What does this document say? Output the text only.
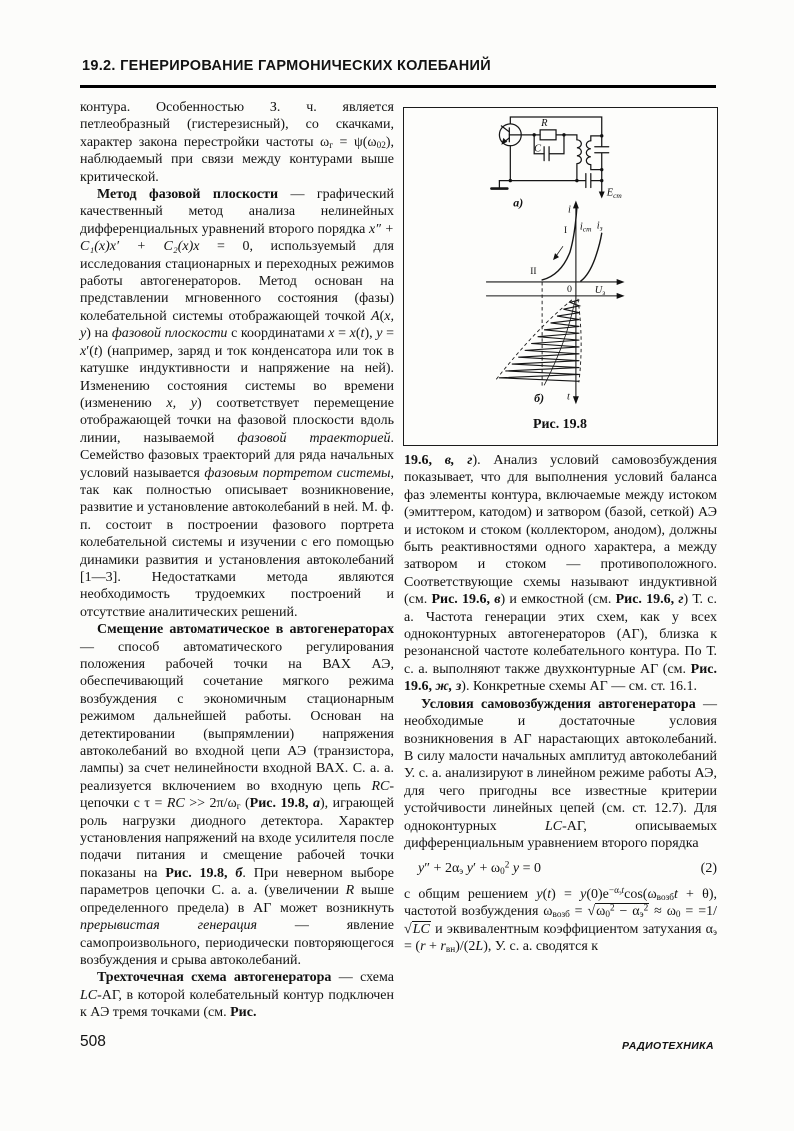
19.2. ГЕНЕРИРОВАНИЕ ГАРМОНИЧЕСКИХ КОЛЕБАНИЙ

контура. Особенностью З. ч. является петлеобразный (гистерезисный), со скачками, характер закона перестройки частоты ωг = ψ(ω02), наблюдаемый при связи между контурами выше критической.

Метод фазовой плоскости — графический качественный метод анализа нелинейных дифференциальных уравнений второго порядка x″ + C₁(x)x′ + C₂(x)x = 0, используемый для исследования стационарных и переходных режимов работы автогенераторов. Метод основан на представлении мгновенного состояния (фазы) колебательной системы отображающей точкой A(x, y) на фазовой плоскости с координатами x = x(t), y = x′(t) (например, заряд и ток конденсатора или ток в катушке индуктивности и напряжение на ней). Изменению состояния системы во времени (изменению x, y) соответствует перемещение отображающей точки на фазовой плоскости вдоль линии, называемой фазовой траекторией. Семейство фазовых траекторий для ряда начальных условий называется фазовым портретом системы, так как полностью описывает возникновение, развитие и установление автоколебаний в ней. М. ф. п. состоит в построении фазового портрета колебательной системы и изучении с его помощью динамики развития и установления автоколебаний [1—3]. Недостатками метода являются необходимость трудоемких построений и отсутствие аналитических решений.

Смещение автоматическое в автогенераторах — способ автоматического регулирования положения рабочей точки на ВАХ АЭ, обеспечивающий сочетание мягкого режима возбуждения с экономичным стационарным режимом дальнейшей работы. Основан на детектировании (выпрямлении) напряжения автоколебаний во входной цепи АЭ (транзистора, лампы) за счет нелинейности входной ВАХ. С. а. а. реализуется включением во входную цепь RC-цепочки с τ = RC >> 2π/ωг (Рис. 19.8, а), играющей роль нагрузки диодного детектора. Характер установления напряжений на входе усилителя после подачи питания и смещение рабочей точки показаны на Рис. 19.8, б. При неверном выборе параметров цепочки С. а. а. (увеличении R выше определенного предела) в АГ может возникнуть прерывистая генерация — явление самопроизвольного, периодически повторяющегося возбуждения и срыва автоколебаний.

Трехточечная схема автогенератора — схема LC-АГ, в которой колебательный контур подключен к АЭ тремя точками (см. Рис.

R
C
$E_{ст}$
а)
i
$U_з$
0
$i_{ст}$ $i_з$
I
II
t
б)
Рис. 19.8

19.6, в, г). Анализ условий самовозбуждения показывает, что для выполнения условий баланса фаз элементы контура, включаемые между истоком (эмиттером, катодом) и затвором (базой, сеткой) АЭ и истоком и стоком (коллектором, анодом), должны быть реактивностями одного характера, а между затвором и стоком — противоположного. Соответствующие схемы называют индуктивной (см. Рис. 19.6, в) и емкостной (см. Рис. 19.6, г) Т. с. а. Частота генерации этих схем, как у всех одноконтурных автогенераторов (АГ), близка к резонансной частоте колебательного контура. По Т. с. а. выполняют также двухконтурные АГ (см. Рис. 19.6, ж, з). Конкретные схемы АГ — см. ст. 16.1.

Условия самовозбуждения автогенератора — необходимые и достаточные условия возникновения в АГ нарастающих автоколебаний. В силу малости начальных амплитуд автоколебаний У. с. а. анализируют в линейном режиме работы АЭ, для чего пригодны все известные критерии устойчивости линейных цепей (см. ст. 12.7). Для одноконтурных LC-АГ, описываемых дифференциальным уравнением второго порядка

y″ + 2αэ $y' + \omega 0^2$ y = 0	(2)

с общим решением $y(t) = y(0)e^{-\alpha эt}\cos(\omega возбt + \theta)$, частотой возбуждения ωвозб = $√\omega 0^2 - \alpha э^2 \approx \omega 0 = =1/√LC$ и эквивалентным коэффициентом затухания αэ = (r + rвн)/(2L), У. с. а. сводятся к

508	РАДИОТЕХНИКА
